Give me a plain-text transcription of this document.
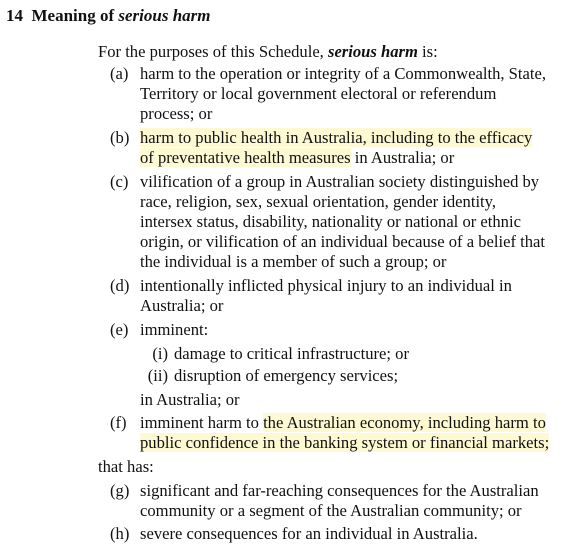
14 Meaning of serious harm
For the purposes of this Schedule, serious harm is:
(a) harm to the operation or integrity of a Commonwealth, State,
Territory or local government electoral or referendum
process; or
(b) harm to public health in Australia, including to the efficacy
of preventative health measures in Australia; or
(c) vilification of a group in Australian society distinguished by
race, religion, sex, sexual orientation, gender identity,
intersex status, disability, nationality or national or ethnic
origin, or vilification of an individual because of a belief that
the individual is a member of such a group; or
(d) intentionally inflicted physical injury to an individual in
Australia; or
(e) imminent:
(i) damage to critical infrastructure; or
(ii) disruption of emergency services;
in Australia; or
(f) imminent harm to the Australian economy, including harm to
public confidence in the banking system or financial markets;
that has:
(g) significant and far-reaching consequences for the Australian
community or a segment of the Australian community; or
(h) severe consequences for an individual in Australia.
